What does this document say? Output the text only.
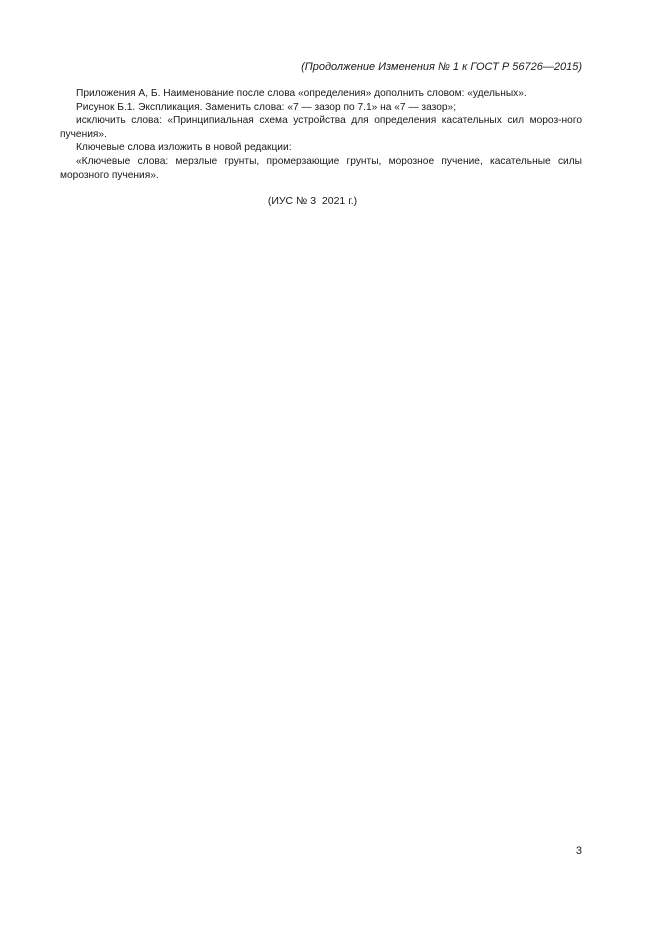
(Продолжение Изменения № 1 к ГОСТ Р 56726—2015)

Приложения А, Б. Наименование после слова «определения» дополнить словом: «удельных».

Рисунок Б.1. Экспликация. Заменить слова: «7 — зазор по 7.1» на «7 — зазор»;

исключить слова: «Принципиальная схема устройства для определения касательных сил мороз-ного пучения».

Ключевые слова изложить в новой редакции:

«Ключевые слова: мерзлые грунты, промерзающие грунты, морозное пучение, касательные силы морозного пучения».

(ИУС № 3  2021 г.)
3
